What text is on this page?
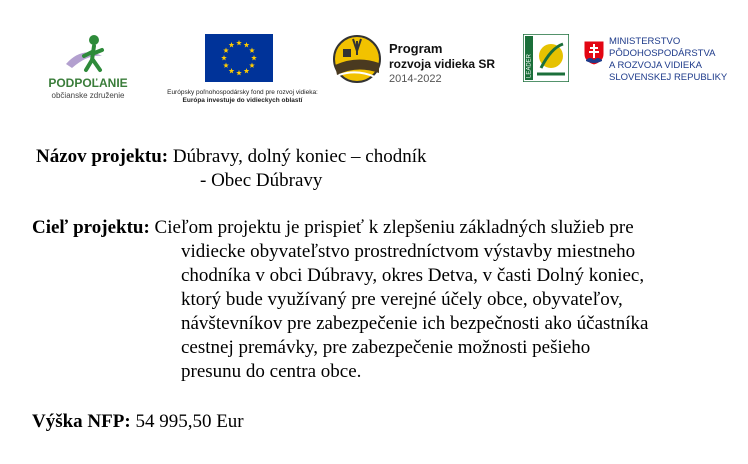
PODPOĽANIE
občianske združenie	Európsky poľnohospodársky fond pre rozvoj vidieka:
Európa investuje do vidieckych oblastí
Program
rozvoja vidieka SR
2014-2022
LEADER
MINISTERSTVO
PÔDOHOSPODÁRSTVA
A ROZVOJA VIDIEKA
SLOVENSKEJ REPUBLIKY
Názov projektu: Dúbravy, dolný koniec – chodník
- Obec Dúbravy
Cieľ projektu: Cieľom projektu je prispieť k zlepšeniu základných služieb pre
vidiecke obyvateľstvo prostredníctvom výstavby miestneho
chodníka v obci Dúbravy, okres Detva, v časti Dolný koniec,
ktorý bude využívaný pre verejné účely obce, obyvateľov,
návštevníkov pre zabezpečenie ich bezpečnosti ako účastníka
cestnej premávky, pre zabezpečenie možnosti pešieho
presunu do centra obce.
Výška NFP: 54 995,50 Eur
